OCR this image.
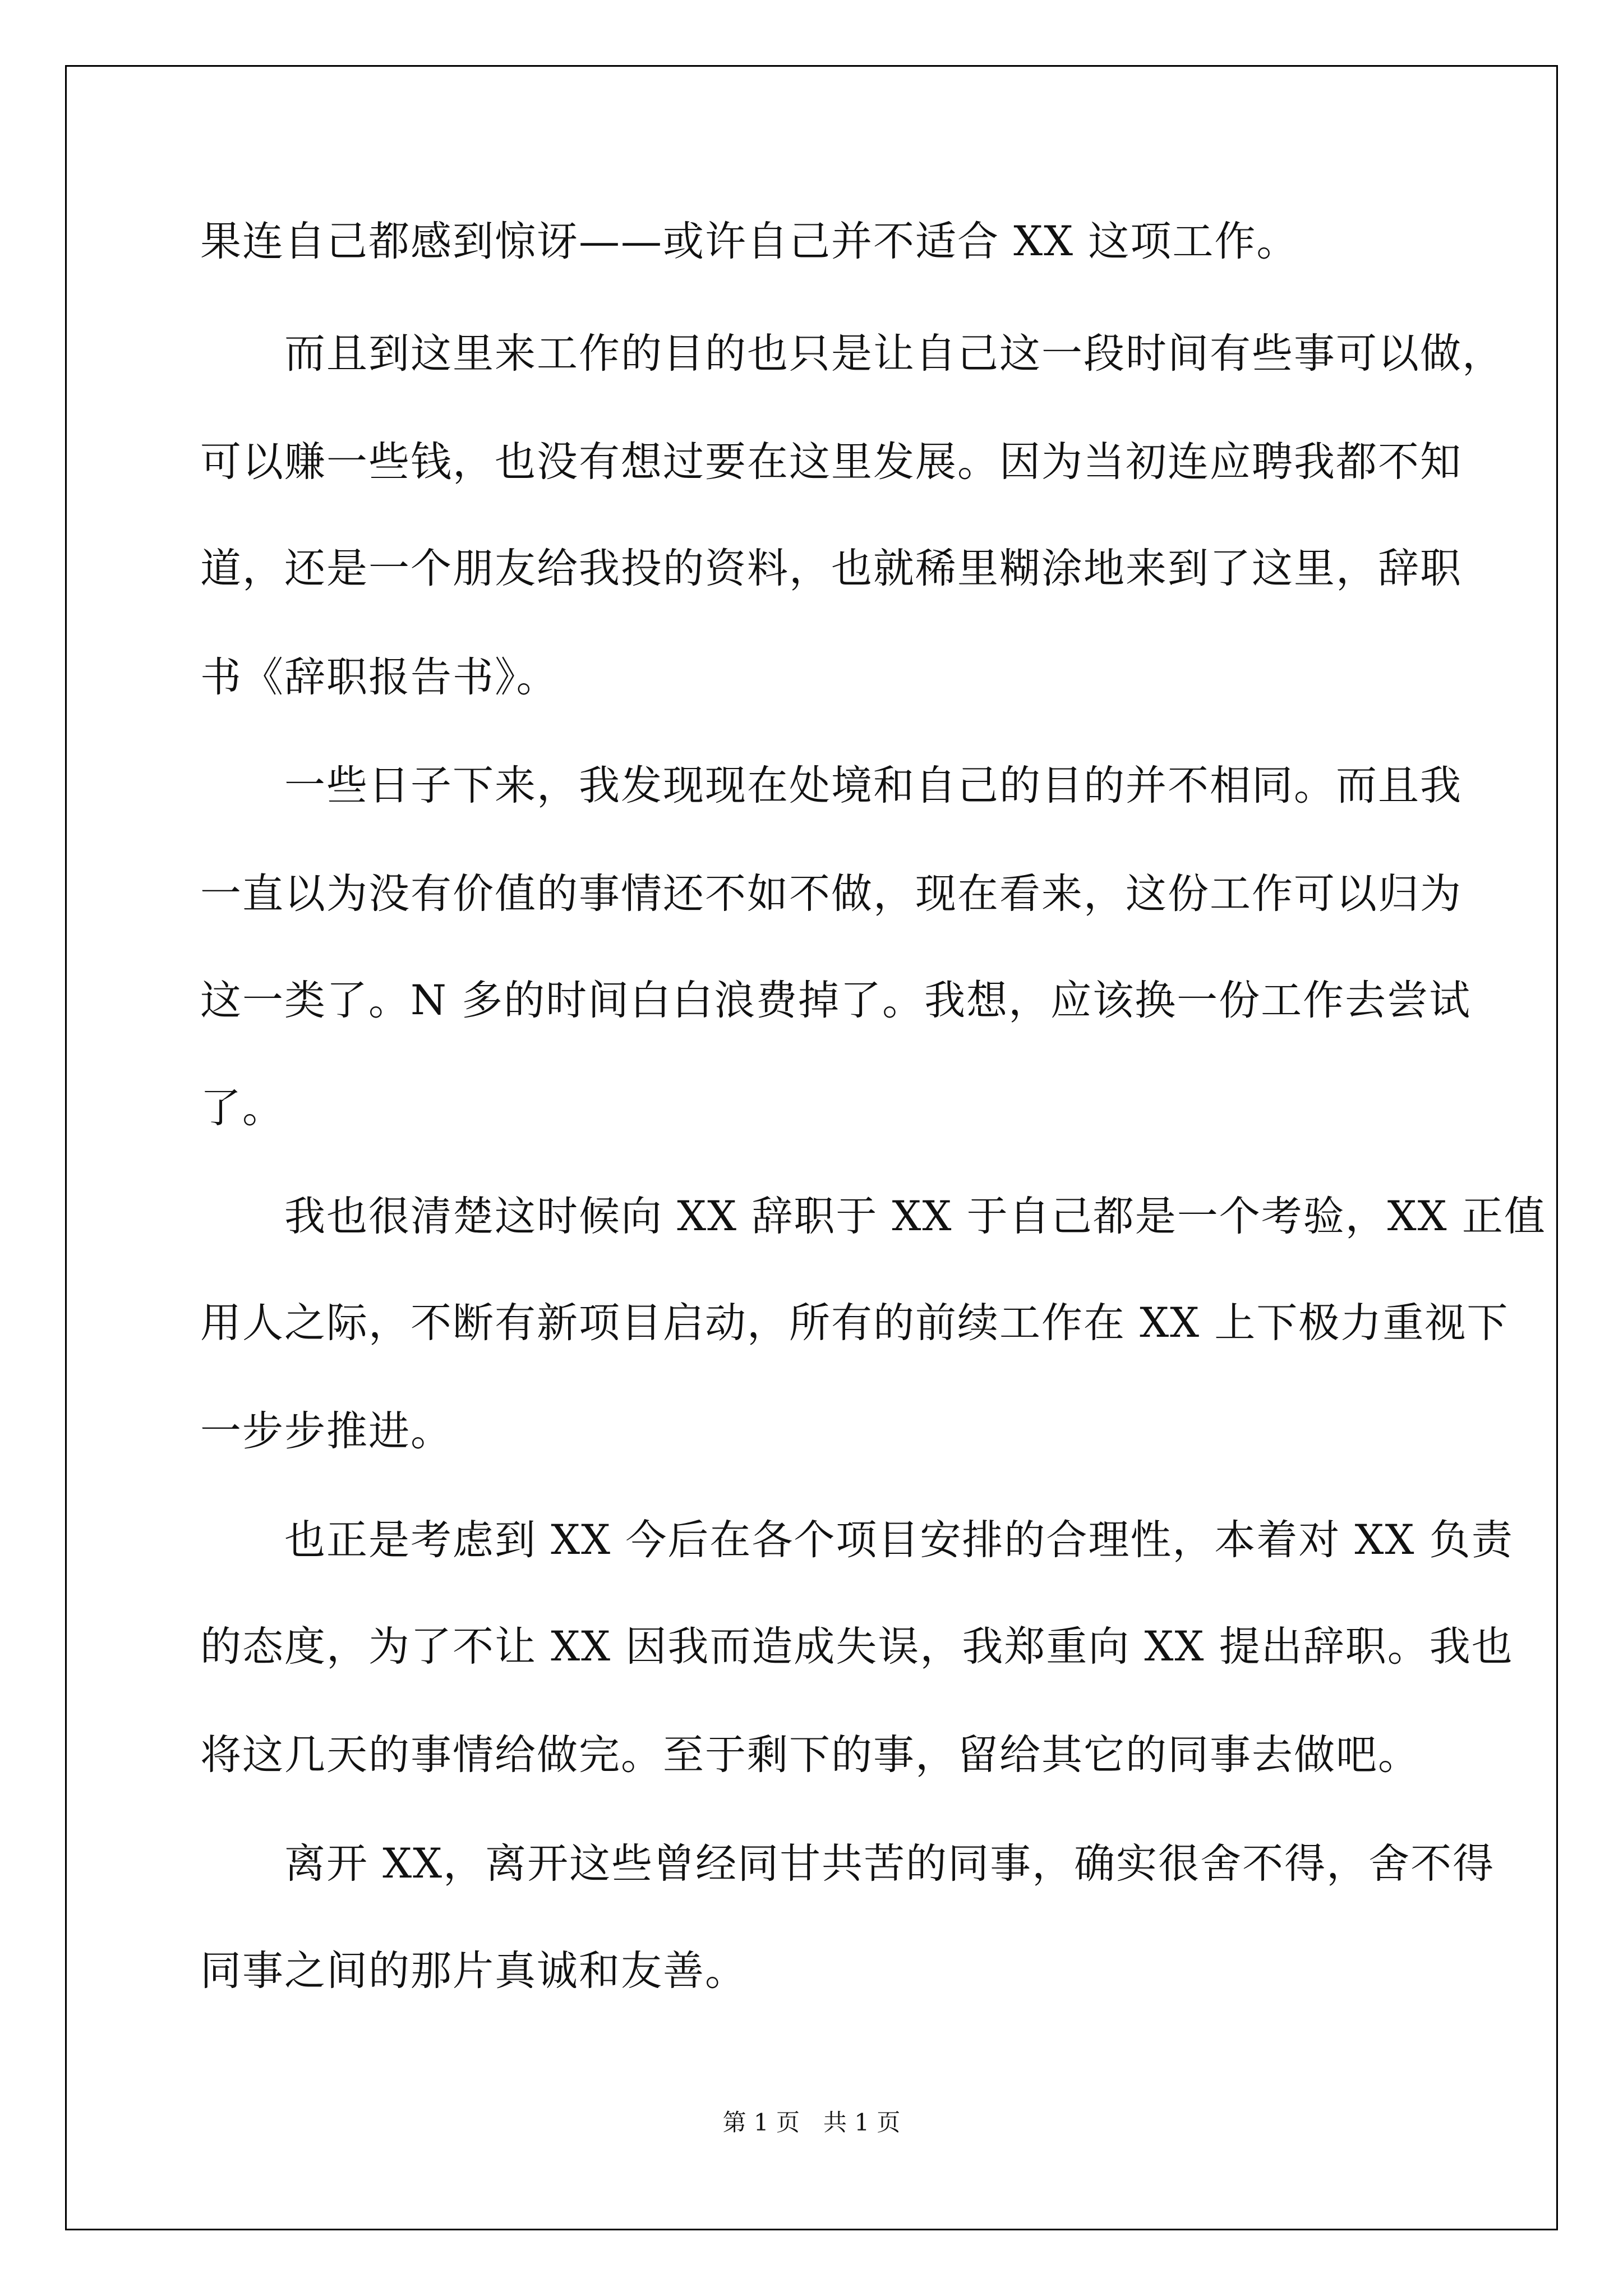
果连自己都感到惊讶——或许自己并不适合 XX 这项工作。

　　而且到这里来工作的目的也只是让自己这一段时间有些事可以做，

可以赚一些钱，也没有想过要在这里发展。因为当初连应聘我都不知

道，还是一个朋友给我投的资料，也就稀里糊涂地来到了这里，辞职

书《辞职报告书》。

　　一些日子下来，我发现现在处境和自己的目的并不相同。而且我

一直以为没有价值的事情还不如不做，现在看来，这份工作可以归为

这一类了。N 多的时间白白浪费掉了。我想，应该换一份工作去尝试

了。

　　我也很清楚这时候向 XX 辞职于 XX 于自己都是一个考验，XX 正值

用人之际，不断有新项目启动，所有的前续工作在 XX 上下极力重视下

一步步推进。

　　也正是考虑到 XX 今后在各个项目安排的合理性，本着对 XX 负责

的态度，为了不让 XX 因我而造成失误，我郑重向 XX 提出辞职。我也

将这几天的事情给做完。至于剩下的事，留给其它的同事去做吧。

　　离开 XX，离开这些曾经同甘共苦的同事，确实很舍不得，舍不得

同事之间的那片真诚和友善。

第 1 页　共 1 页
